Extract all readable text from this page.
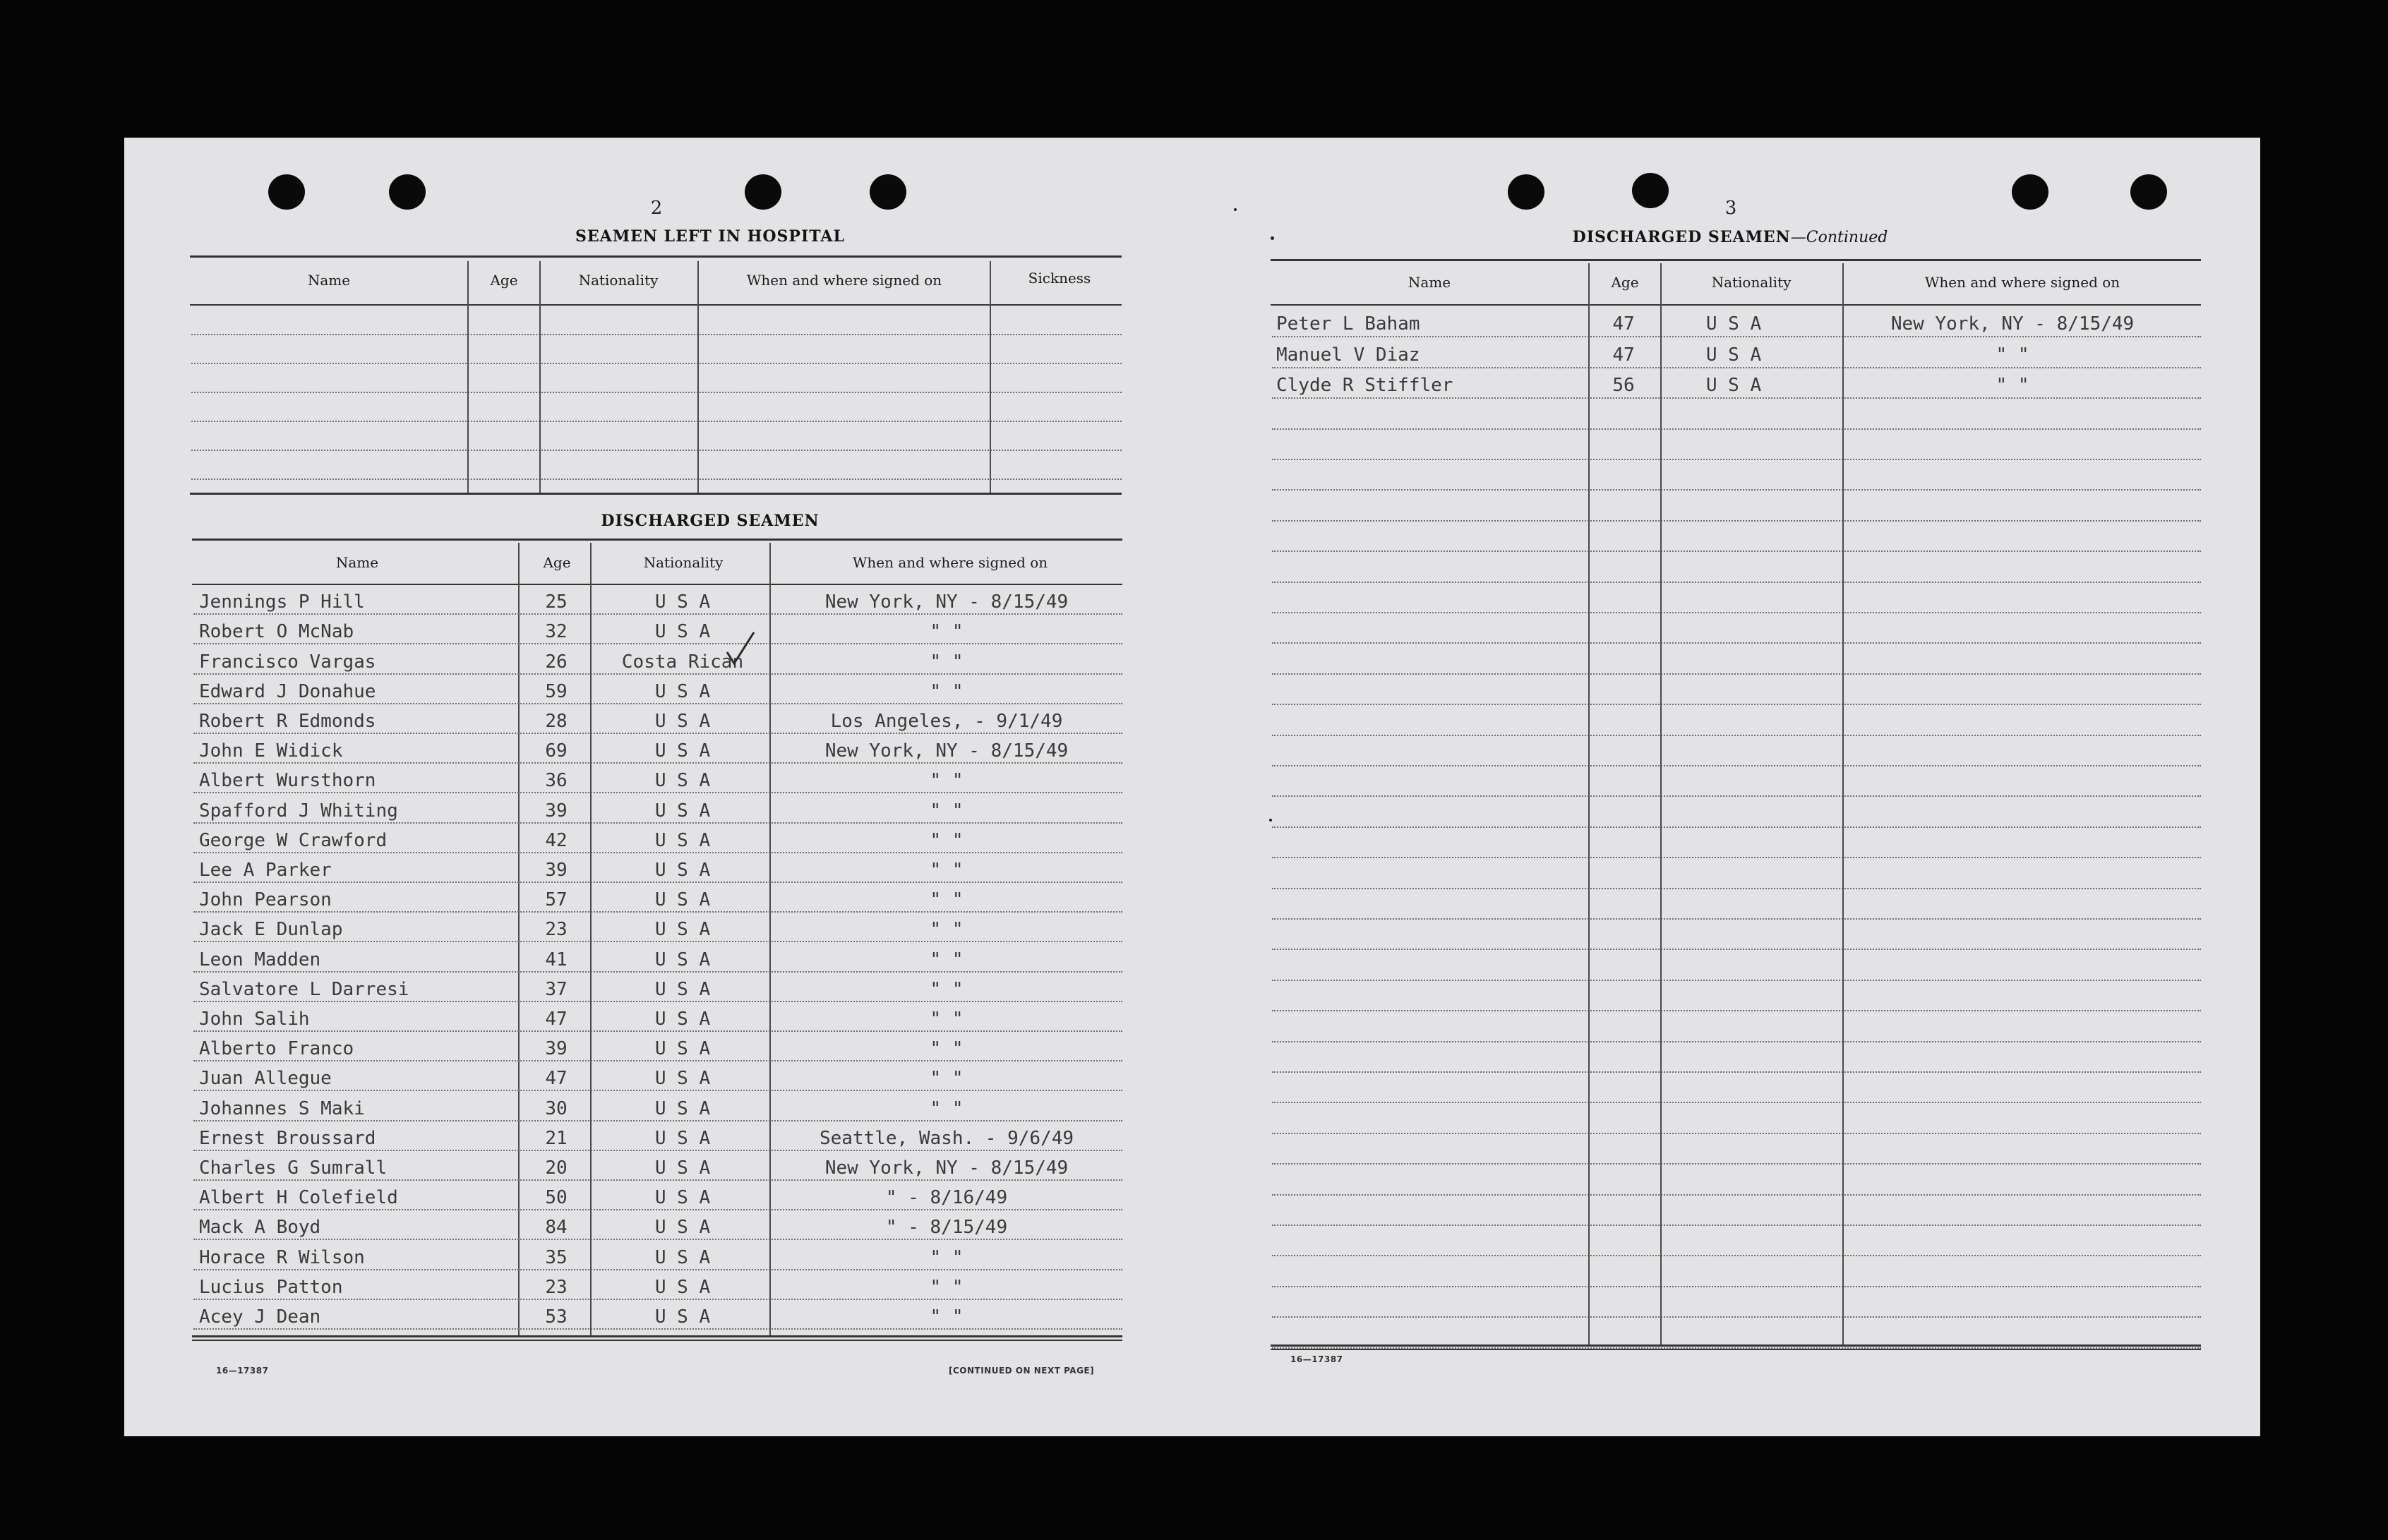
2
SEAMEN LEFT IN HOSPITAL
Name	Age	Nationality	When and where signed on	Sickness
DISCHARGED SEAMEN
Name	Age	Nationality	When and where signed on
Jennings P Hill	25	U S A	New York, NY - 8/15/49
Robert O McNab	32	U S A	" "
Francisco Vargas	26	Costa Rican	" "
Edward J Donahue	59	U S A	" "
Robert R Edmonds	28	U S A	Los Angeles, - 9/1/49
John E Widick	69	U S A	New York, NY - 8/15/49
Albert Wursthorn	36	U S A	" "
Spafford J Whiting	39	U S A	" "
George W Crawford	42	U S A	" "
Lee A Parker	39	U S A	" "
John Pearson	57	U S A	" "
Jack E Dunlap	23	U S A	" "
Leon Madden	41	U S A	" "
Salvatore L Darresi	37	U S A	" "
John Salih	47	U S A	" "
Alberto Franco	39	U S A	" "
Juan Allegue	47	U S A	" "
Johannes S Maki	30	U S A	" "
Ernest Broussard	21	U S A	Seattle, Wash. - 9/6/49
Charles G Sumrall	20	U S A	New York, NY - 8/15/49
Albert H Colefield	50	U S A	" - 8/16/49
Mack A Boyd	84	U S A	" - 8/15/49
Horace R Wilson	35	U S A	" "
Lucius Patton	23	U S A	" "
Acey J Dean	53	U S A	" "
16—17387	[CONTINUED ON NEXT PAGE]
3
DISCHARGED SEAMEN—Continued
Name	Age	Nationality	When and where signed on
Peter L Baham	47	U S A	New York, NY - 8/15/49
Manuel V Diaz	47	U S A	" "
Clyde R Stiffler	56	U S A	" "
16—17387
